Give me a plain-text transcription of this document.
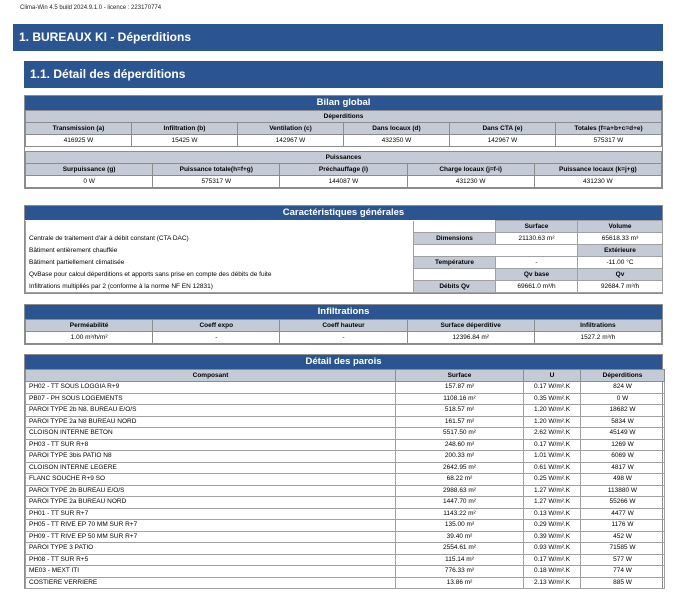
Clima-Win 4.5 build 2024.9.1.0 - licence : 223170774
1. BUREAUX KI - Déperditions
1.1. Détail des déperditions
Bilan global
Déperditions					
Transmission (a)	Infiltration (b)	Ventilation (c)	Dans locaux (d)	Dans CTA (e)	Totales (f=a+b+c=d+e)
416925 W	15425 W	142967 W	432350 W	142967 W	575317 W
Puissances				
Surpuissance (g)	Puissance totale(h=f+g)	Préchauffage (i)	Charge locaux (j=f-i)	Puissance locaux (k=j+g)
0 W	575317 W	144087 W	431230 W	431230 W
Caractéristiques générales
		Surface	Volume
Centrale de traitement d'air à débit constant (CTA DAC)	Dimensions	21130.63 m²	65618.33 m³
Bâtiment entièrement chauffée			Extérieure
Bâtiment partiellement climatisée	Température	-	-11.00 °C
QvBase pour calcul déperditions et apports sans prise en compte des débits de fuite		Qv base	Qv
Infiltrations multipliés par 2 (conforme à la norme NF EN 12831)	Débits Qv	69661.0 m³/h	92684.7 m³/h
Infiltrations
Perméabilité	Coeff expo	Coeff hauteur	Surface déperditive	Infiltrations
1.00 m³/h/m²	-	-	12396.84 m²	1527.2 m³/h
Détail des parois
Composant	Surface	U	Déperditions
PH02 - TT SOUS LOGGIA R+9	157.87 m²	0.17 W/m².K	824 W
PB07 - PH SOUS LOGEMENTS	1108.16 m²	0.35 W/m².K	0 W
PAROI TYPE 2b N8. BUREAU E/O/S	518.57 m²	1.20 W/m².K	18682 W
PAROI TYPE 2a N8 BUREAU NORD	161.57 m²	1.20 W/m².K	5834 W
CLOISON INTERNE BETON	5517.50 m²	2.62 W/m².K	45149 W
PH03 - TT SUR R+8	248.60 m²	0.17 W/m².K	1269 W
PAROI TYPE 3bis PATIO N8	200.33 m²	1.01 W/m².K	6069 W
CLOISON INTERNE LEGERE	2642.95 m²	0.61 W/m².K	4817 W
FLANC SOUCHE R+9 SO	68.22 m²	0.25 W/m².K	498 W
PAROI TYPE 2b BUREAU E/O/S	2988.63 m²	1.27 W/m².K	113880 W
PAROI TYPE 2a BUREAU NORD	1447.70 m²	1.27 W/m².K	55266 W
PH01 - TT SUR R+7	1143.22 m²	0.13 W/m².K	4477 W
PH05 - TT RIVE EP 70 MM SUR R+7	135.00 m²	0.29 W/m².K	1176 W
PH09 - TT RIVE EP 50 MM SUR R+7	39.40 m²	0.39 W/m².K	452 W
PAROI TYPE 3 PATIO	2554.61 m²	0.93 W/m².K	71585 W
PH08 - TT SUR R+5	115.14 m²	0.17 W/m².K	577 W
ME03 - MEXT ITI	776.33 m²	0.18 W/m².K	774 W
COSTIERE VERRIERE	13.86 m²	2.13 W/m².K	885 W
